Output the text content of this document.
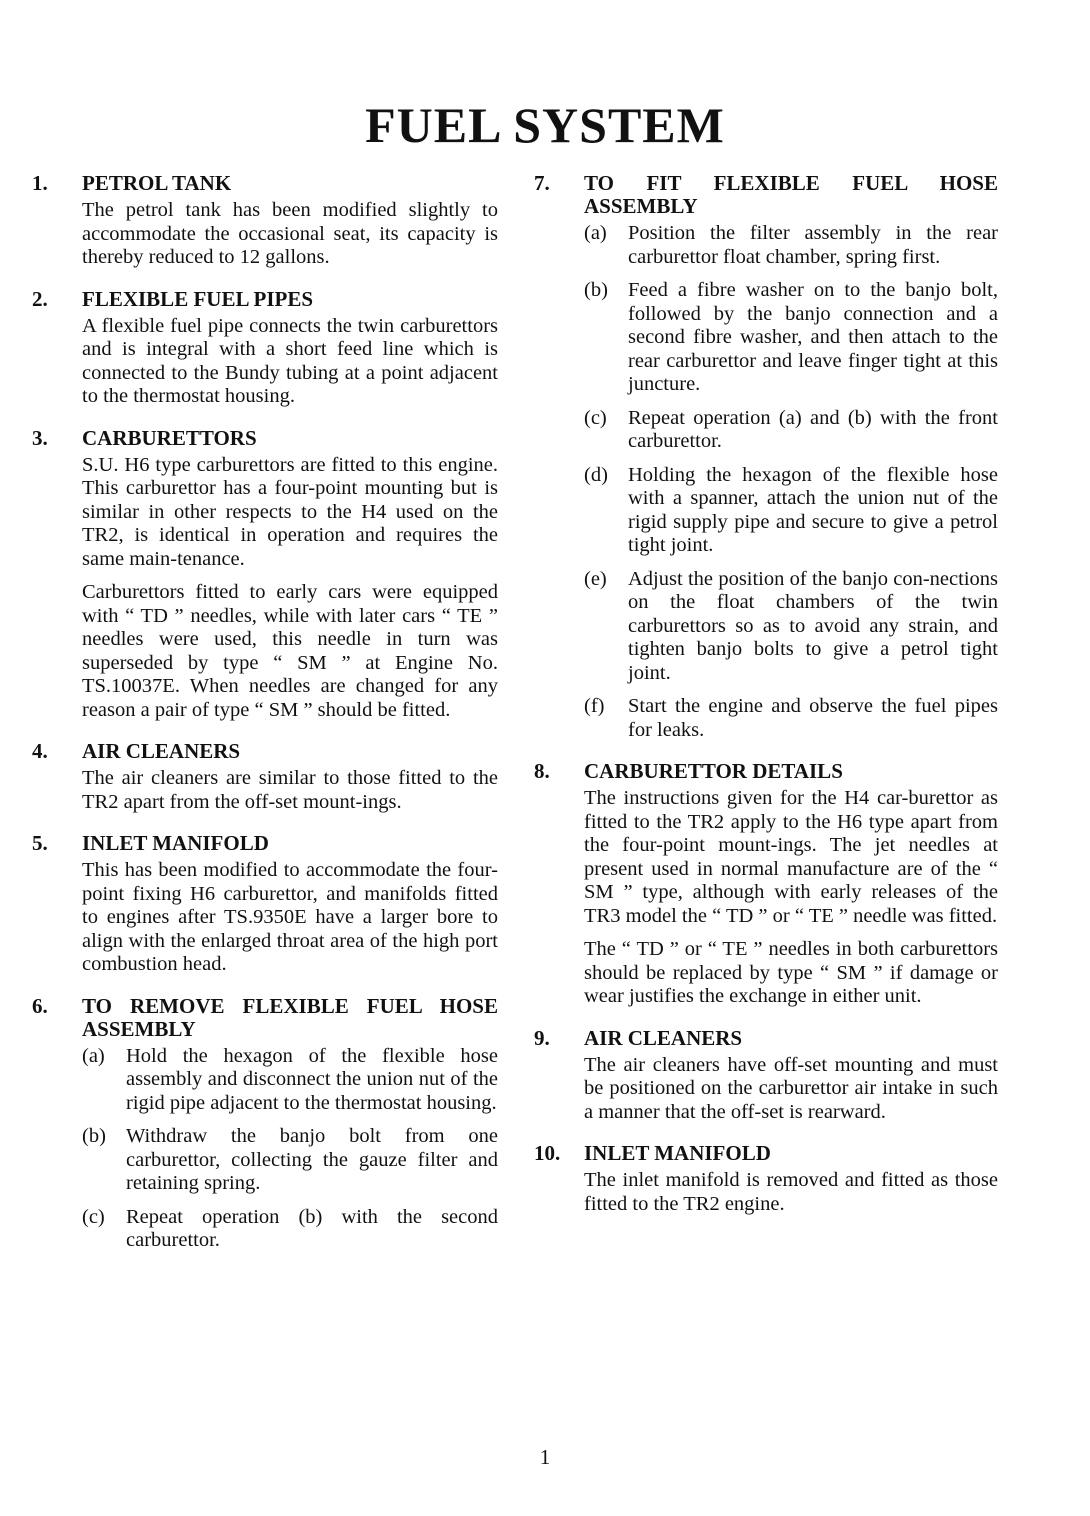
FUEL SYSTEM
1.	PETROL TANK

The petrol tank has been modified slightly to accommodate the occasional seat, its capacity is thereby reduced to 12 gallons.

2.	FLEXIBLE FUEL PIPES

A flexible fuel pipe connects the twin carburettors and is integral with a short feed line which is connected to the Bundy tubing at a point adjacent to the thermostat housing.

3.	CARBURETTORS

S.U. H6 type carburettors are fitted to this engine. This carburettor has a four-point mounting but is similar in other respects to the H4 used on the TR2, is identical in operation and requires the same main-tenance.

Carburettors fitted to early cars were equipped with “ TD ” needles, while with later cars “ TE ” needles were used, this needle in turn was superseded by type “ SM ” at Engine No. TS.10037E. When needles are changed for any reason a pair of type “ SM ” should be fitted.

4.	AIR CLEANERS

The air cleaners are similar to those fitted to the TR2 apart from the off-set mount-ings.

5.	INLET MANIFOLD

This has been modified to accommodate the four-point fixing H6 carburettor, and manifolds fitted to engines after TS.9350E have a larger bore to align with the enlarged throat area of the high port combustion head.

6.	TO REMOVE FLEXIBLE FUEL HOSE ASSEMBLY
(a)	Hold the hexagon of the flexible hose assembly and disconnect the union nut of the rigid pipe adjacent to the thermostat housing.
(b) Withdraw the banjo bolt from one carburettor, collecting the gauze filter and retaining spring.
(c)	Repeat operation (b) with the second carburettor.
7.	TO FIT FLEXIBLE FUEL HOSE ASSEMBLY
(a)	Position the filter assembly in the rear carburettor float chamber, spring first.
(b) Feed a fibre washer on to the banjo bolt, followed by the banjo connection and a second fibre washer, and then attach to the rear carburettor and leave finger tight at this juncture.
(c)	Repeat operation (a) and (b) with the front carburettor.
(d) Holding the hexagon of the flexible hose with a spanner, attach the union nut of the rigid supply pipe and secure to give a petrol tight joint.
(e)	Adjust the position of the banjo con-nections on the float chambers of the twin carburettors so as to avoid any strain, and tighten banjo bolts to give a petrol tight joint.
(f)	Start the engine and observe the fuel pipes for leaks.
8.	CARBURETTOR DETAILS

The instructions given for the H4 car-burettor as fitted to the TR2 apply to the H6 type apart from the four-point mount-ings. The jet needles at present used in normal manufacture are of the “ SM ” type, although with early releases of the TR3 model the “ TD ” or “ TE ” needle was fitted.

The “ TD ” or “ TE ” needles in both carburettors should be replaced by type “ SM ” if damage or wear justifies the exchange in either unit.

9.	AIR CLEANERS

The air cleaners have off-set mounting and must be positioned on the carburettor air intake in such a manner that the off-set is rearward.

10.	INLET MANIFOLD

The inlet manifold is removed and fitted as those fitted to the TR2 engine.

1
